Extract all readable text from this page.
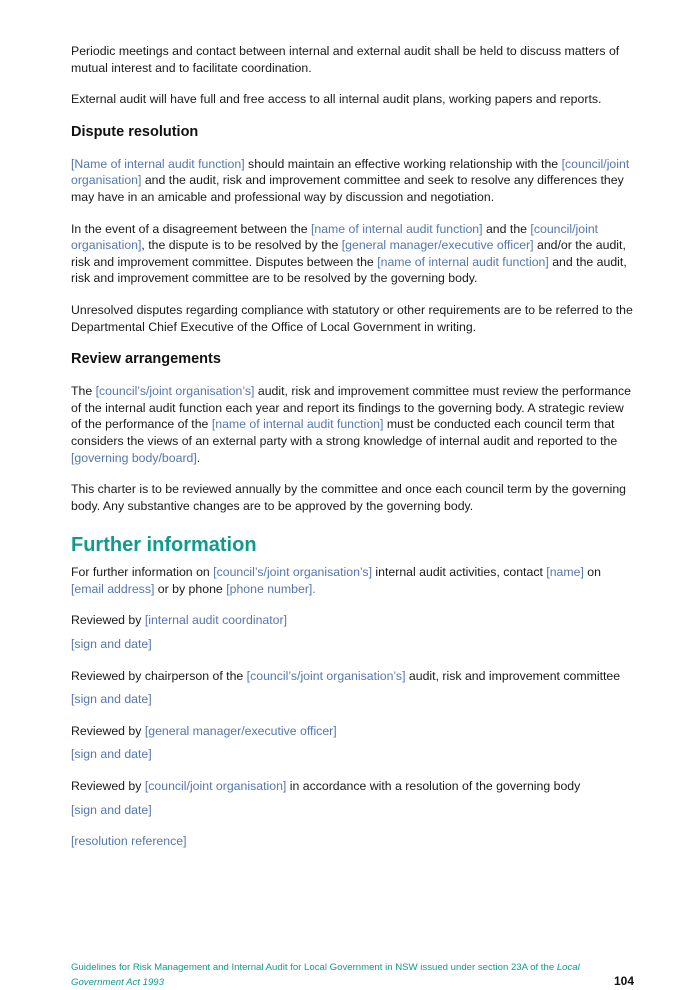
Periodic meetings and contact between internal and external audit shall be held to discuss matters of mutual interest and to facilitate coordination.

External audit will have full and free access to all internal audit plans, working papers and reports.

Dispute resolution

[Name of internal audit function] should maintain an effective working relationship with the [council/joint organisation] and the audit, risk and improvement committee and seek to resolve any differences they may have in an amicable and professional way by discussion and negotiation.

In the event of a disagreement between the [name of internal audit function] and the [council/joint organisation], the dispute is to be resolved by the [general manager/executive officer] and/or the audit, risk and improvement committee. Disputes between the [name of internal audit function] and the audit, risk and improvement committee are to be resolved by the governing body.

Unresolved disputes regarding compliance with statutory or other requirements are to be referred to the Departmental Chief Executive of the Office of Local Government in writing.

Review arrangements

The [council’s/joint organisation’s] audit, risk and improvement committee must review the performance of the internal audit function each year and report its findings to the governing body. A strategic review of the performance of the [name of internal audit function] must be conducted each council term that considers the views of an external party with a strong knowledge of internal audit and reported to the [governing body/board].

This charter is to be reviewed annually by the committee and once each council term by the governing body. Any substantive changes are to be approved by the governing body.

Further information

For further information on [council’s/joint organisation’s] internal audit activities, contact [name] on [email address] or by phone [phone number].

Reviewed by [internal audit coordinator]

[sign and date]

Reviewed by chairperson of the [council’s/joint organisation’s] audit, risk and improvement committee

[sign and date]

Reviewed by [general manager/executive officer]

[sign and date]

Reviewed by [council/joint organisation] in accordance with a resolution of the governing body

[sign and date]

[resolution reference]

Guidelines for Risk Management and Internal Audit for Local Government in NSW issued under section 23A of the Local Government Act 1993	104
